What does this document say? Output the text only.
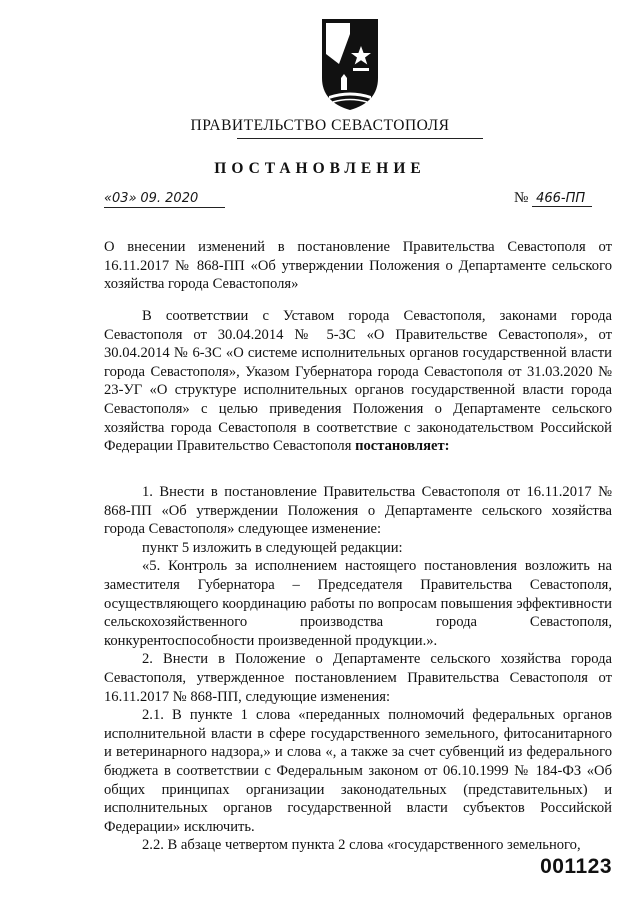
ПРАВИТЕЛЬСТВО СЕВАСТОПОЛЯ
ПОСТАНОВЛЕНИЕ
«03» 09. 2020	№ 466-ПП

О внесении изменений в постановление Правительства Севастополя от 16.11.2017 № 868-ПП «Об утверждении Положения о Департаменте сельского хозяйства города Севастополя»

В соответствии с Уставом города Севастополя, законами города Севастополя от 30.04.2014 № 5-ЗС «О Правительстве Севастополя», от 30.04.2014 № 6-ЗС «О системе исполнительных органов государственной власти города Севастополя», Указом Губернатора города Севастополя от 31.03.2020 № 23-УГ «О структуре исполнительных органов государственной власти города Севастополя» с целью приведения Положения о Департаменте сельского хозяйства города Севастополя в соответствие с законодательством Российской Федерации Правительство Севастополя постановляет:

1. Внести в постановление Правительства Севастополя от 16.11.2017 № 868-ПП «Об утверждении Положения о Департаменте сельского хозяйства города Севастополя» следующее изменение:

пункт 5 изложить в следующей редакции:

«5. Контроль за исполнением настоящего постановления возложить на заместителя Губернатора – Председателя Правительства Севастополя, осуществляющего координацию работы по вопросам повышения эффективности сельскохозяйственного производства города Севастополя, конкурентоспособности произведенной продукции.».

2. Внести в Положение о Департаменте сельского хозяйства города Севастополя, утвержденное постановлением Правительства Севастополя от 16.11.2017 № 868-ПП, следующие изменения:

2.1. В пункте 1 слова «переданных полномочий федеральных органов исполнительной власти в сфере государственного земельного, фитосанитарного и ветеринарного надзора,» и слова «, а также за счет субвенций из федерального бюджета в соответствии с Федеральным законом от 06.10.1999 № 184-ФЗ «Об общих принципах организации законодательных (представительных) и исполнительных органов государственной власти субъектов Российской Федерации» исключить.

2.2. В абзаце четвертом пункта 2 слова «государственного земельного,

001123
